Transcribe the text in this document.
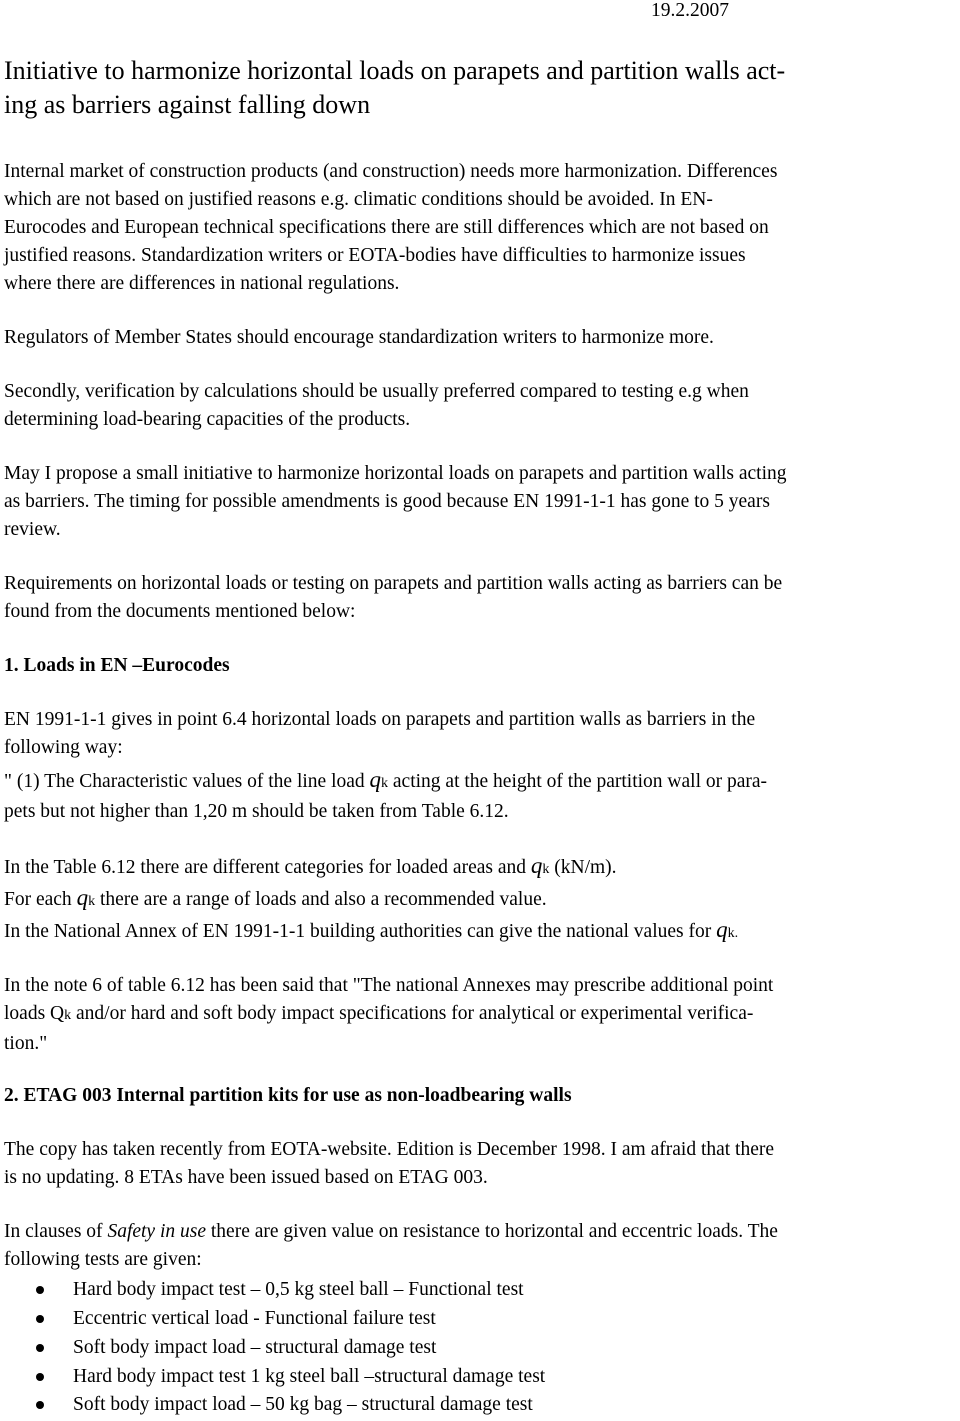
19.2.2007
Initiative to harmonize horizontal loads on parapets and partition walls act-
ing as barriers against falling down
Internal market of construction products (and construction) needs more harmonization. Differences
which are not based on justified reasons e.g. climatic conditions should be avoided. In EN-
Eurocodes and European technical specifications there are still differences which are not based on
justified reasons. Standardization writers or EOTA-bodies have difficulties to harmonize issues
where there are differences in national regulations.
Regulators of Member States should encourage standardization writers to harmonize more.
Secondly, verification by calculations should be usually preferred compared to testing e.g when
determining load-bearing capacities of the products.
May I propose a small initiative to harmonize horizontal loads on parapets and partition walls acting
as barriers. The timing for possible amendments is good because EN 1991-1-1 has gone to 5 years
review.
Requirements on horizontal loads or testing on parapets and partition walls acting as barriers can be
found from the documents mentioned below:
1. Loads in EN –Eurocodes
EN 1991-1-1 gives in point 6.4 horizontal loads on parapets and partition walls as barriers in the
following way:
" (1) The Characteristic values of the line load qk acting at the height of the partition wall or para-
pets but not higher than 1,20 m should be taken from Table 6.12.
In the Table 6.12 there are different categories for loaded areas and qk (kN/m).
For each qk there are a range of loads and also a recommended value.
In the National Annex of EN 1991-1-1 building authorities can give the national values for qk.
In the note 6 of table 6.12 has been said that "The national Annexes may prescribe additional point
loads Qk and/or hard and soft body impact specifications for analytical or experimental verifica-
tion."
2. ETAG 003 Internal partition kits for use as non-loadbearing walls
The copy has taken recently from EOTA-website. Edition is December 1998. I am afraid that there
is no updating. 8 ETAs have been issued based on ETAG 003.
In clauses of Safety in use there are given value on resistance to horizontal and eccentric loads. The
following tests are given:
Hard body impact test – 0,5 kg steel ball – Functional test
Eccentric vertical load - Functional failure test
Soft body impact load – structural damage test
Hard body impact test 1 kg steel ball –structural damage test
Soft body impact load – 50 kg bag – structural damage test
